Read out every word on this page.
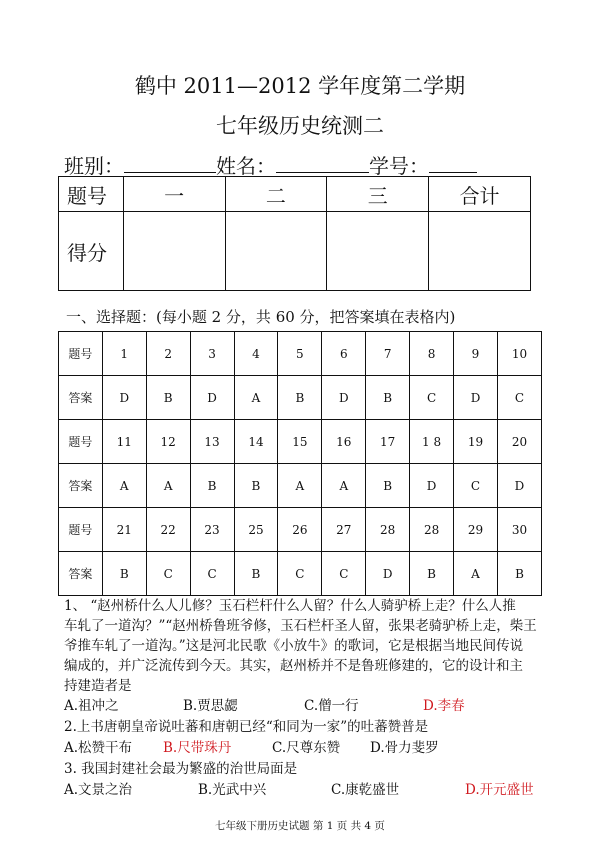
鹤中 2011—2012 学年度第二学期
七年级历史统测二
班别：	姓名：	学号：
题号	一	二	三	合计
得分				
一、选择题：(每小题 2 分，共 60 分，把答案填在表格内)
题号	1	2	3	4	5	6	7	8	9	10
答案	D	B	D	A	B	D	B	C	D	C
题号	11	12	13	14	15	16	17	1 8	19	20
答案	A	A	B	B	A	A	B	D	C	D
题号	21	22	23	25	26	27	28	28	29	30
答案	B	C	C	B	C	C	D	B	A	B
1、 “赵州桥什么人儿修？玉石栏杆什么人留？什么人骑驴桥上走？什么人推
车轧了一道沟？”“赵州桥鲁班爷修，玉石栏杆圣人留，张果老骑驴桥上走，柴王
爷推车轧了一道沟。”这是河北民歌《小放牛》的歌词，它是根据当地民间传说
编成的，并广泛流传到今天。其实，赵州桥并不是鲁班修建的，它的设计和主
持建造者是
A.祖冲之	B.贾思勰	C.僧一行	D.李春
2.上书唐朝皇帝说吐蕃和唐朝已经“和同为一家”的吐蕃赞普是
A.松赞干布 B.尺带珠丹	C.尺尊东赞 D.骨力斐罗
3. 我国封建社会最为繁盛的治世局面是
A.文景之治	B.光武中兴	C.康乾盛世	D.开元盛世
七年级下册历史试题 第 1 页 共 4 页
